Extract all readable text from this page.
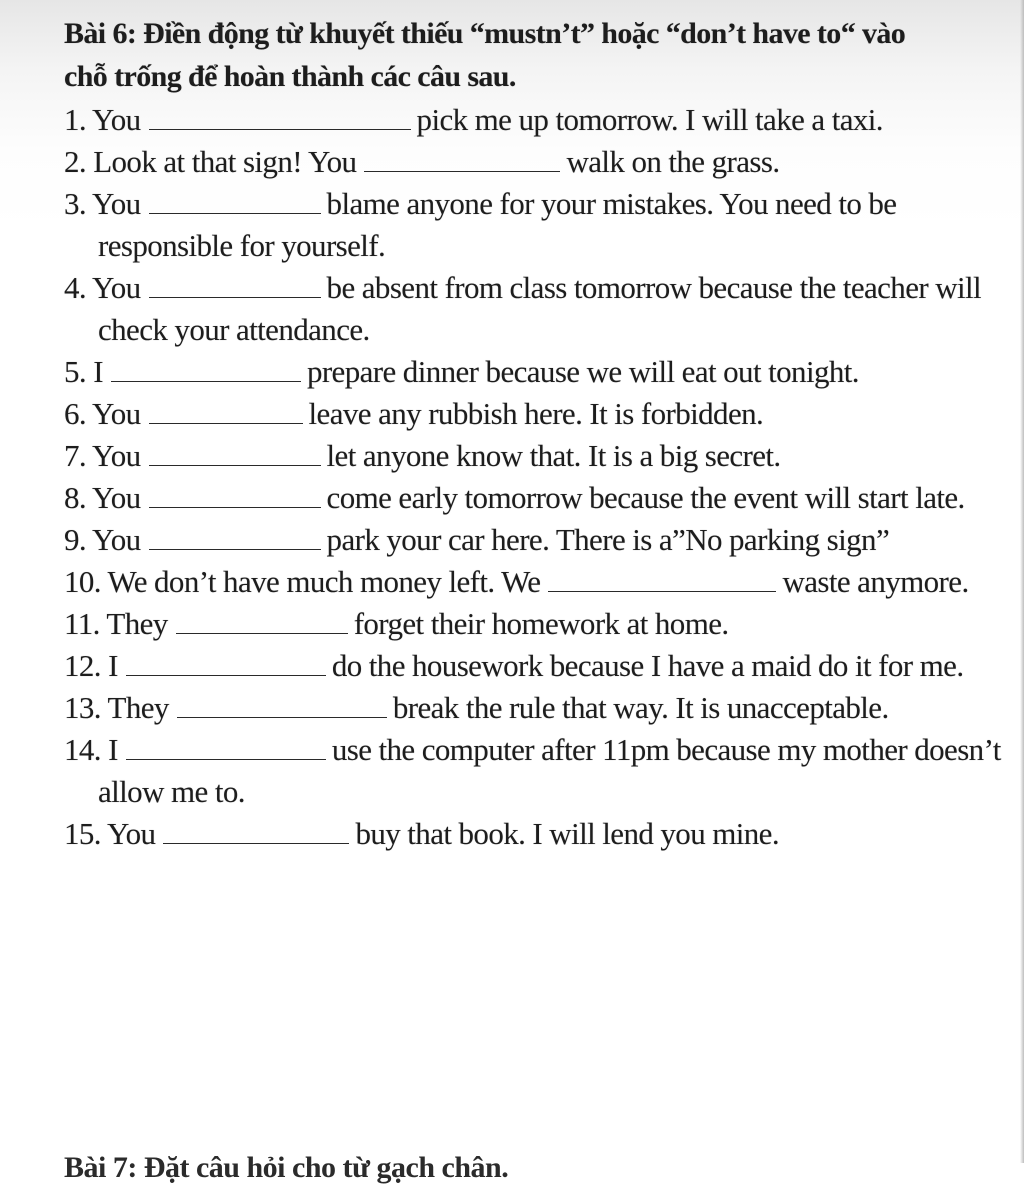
Bài 6: Điền động từ khuyết thiếu “mustn’t” hoặc “don’t have to“ vào chỗ trống để hoàn thành các câu sau.
1. You	pick me up tomorrow. I will take a taxi.
2. Look at that sign! You	walk on the grass.
3. You	blame anyone for your mistakes. You need to be responsible for yourself.
4. You	be absent from class tomorrow because the teacher will check your attendance.
5. I	prepare dinner because we will eat out tonight.
6. You	leave any rubbish here. It is forbidden.
7. You	let anyone know that. It is a big secret.
8. You	come early tomorrow because the event will start late.
9. You	park your car here. There is a”No parking sign”
10. We don’t have much money left. We	waste anymore.
11. They	forget their homework at home.
12. I	do the housework because I have a maid do it for me.
13. They	break the rule that way. It is unacceptable.
14. I	use the computer after 11pm because my mother doesn’t allow me to.
15. You	buy that book. I will lend you mine.
Bài 7: Đặt câu hỏi cho từ gạch chân.
